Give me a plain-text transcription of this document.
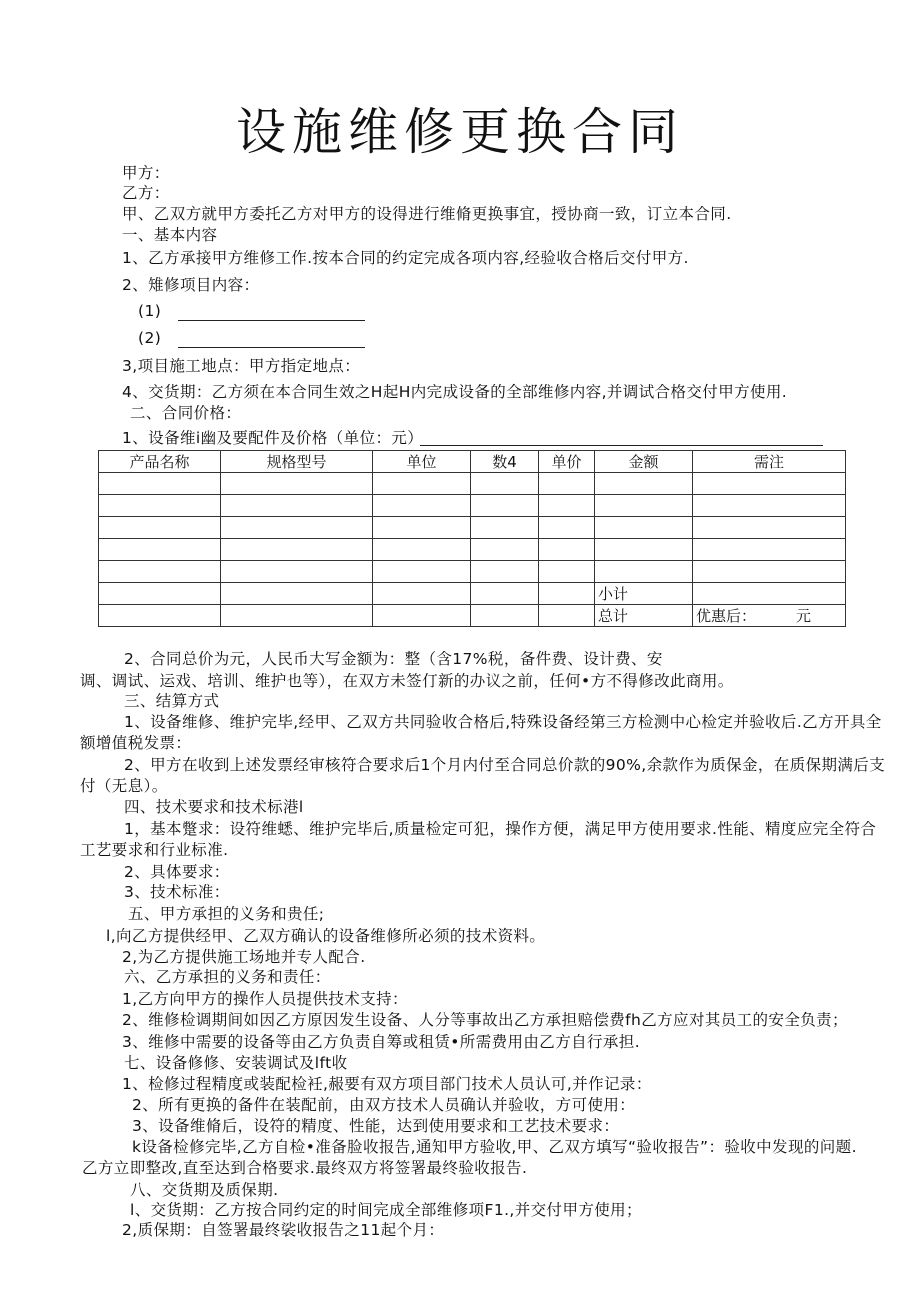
设施维修更换合同
甲方：
乙方：
甲、乙双方就甲方委托乙方对甲方的设得进行维脩更换事宜，授协商一致，订立本合同.
一、基本内容
1、乙方承接甲方维修工作.按本合同的约定完成各项内容,经验收合格后交付甲方.
2、雉修项目内容：
(1)
(2)
3,项目施工地点：甲方指定地点：
4、交货期：乙方须在本合同生效之H起H内完成设备的全部维修内容,并调试合格交付甲方使用.
二、合同价格：
1、设备维i幽及要配件及价格（单位：元）
2、合同总价为元，人民币大写金额为：整（含17%税，备件费、设计费、安
调、调试、运戏、培训、维护也等），在双方未签仃新的办议之前，任何•方不得修改此商用。
三、结算方式
1、设备维修、维护完毕,经甲、乙双方共同验收合格后,特殊设备经第三方检测中心检定并验收后.乙方开具全
额增值税发票：
2、甲方在收到上述发票经审核符合要求后1个月内付至合同总价款的90%,余款作为质保金，在质保期满后支
付（无息）。
四、技术要求和技术标港l
1，基本蹩求：设符维蟋、维护完毕后,质量检定可犯，操作方便，满足甲方使用要求.性能、精度应完全符合
工艺要求和行业标准.
2、具体要求：
3、技术标准：
五、甲方承担的义务和贵任;
l,向乙方提供经甲、乙双方确认的设备维修所必须的技术资料。
2,为乙方提供施工场地并专人配合.
六、乙方承担的义务和责任：
1,乙方向甲方的操作人员提供技术支持：
2、维修检调期间如因乙方原因发生设备、人分等事故出乙方承担赔偿费fh乙方应对其员工的安全负责；
3、维修中需要的设备等由乙方负责自筹或租赁•所需费用由乙方自行承担.
七、设备修修、安装调试及lft收
1、检修过程精度或装配检衽,赧要有双方项目部门技术人员认可,并作记录：
2、所有更换的备件在装配前，由双方技术人员确认并验收，方可使用：
3、设备维脩后，设符的精度、性能，达到使用要求和工艺技术要求：
k设备检修完毕,乙方自检•准备脸收报告,通知甲方验收,甲、乙双方填写“验收报告”：验收中发现的问题.
乙方立即整改,直至达到合格要求.最终双方将签署最终验收报告.
八、交货期及质保期.
l、交货期：乙方按合同约定的时间完成全部维修项F1.,并交付甲方使用；
2,质保期：自签署最终裟收报告之11起个月：
产品名称	规格型号	单位	数4	单价	金额	需注

					小计	
					总计	优惠后： 元
